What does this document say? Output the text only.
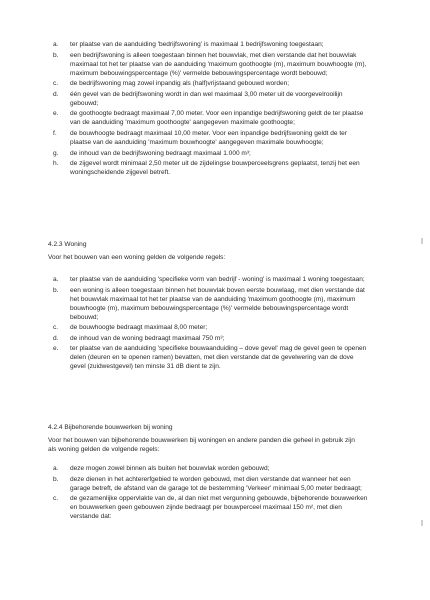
a. ter plaatse van de aanduiding 'bedrijfswoning' is maximaal 1 bedrijfswoning toegestaan;
b. een bedrijfswoning is alleen toegestaan binnen het bouwvlak, met dien verstande dat het bouwvlak maximaal tot het ter plaatse van de aanduiding 'maximum goothoogte (m), maximum bouwhoogte (m), maximum bebouwingspercentage (%)' vermelde bebouwingspercentage wordt bebouwd;
c. de bedrijfswoning mag zowel inpandig als (half)vrijstaand gebouwd worden;
d. één gevel van de bedrijfswoning wordt in dan wel maximaal 3,00 meter uit de voorgevelrooilijn gebouwd;
e. de goothoogte bedraagt maximaal 7,00 meter. Voor een inpandige bedrijfswoning geldt de ter plaatse van de aanduiding 'maximum goothoogte' aangegeven maximale goothoogte;
f. de bouwhoogte bedraagt maximaal 10,00 meter. Voor een inpandige bedrijfswoning geldt de ter plaatse van de aanduiding 'maximum bouwhoogte' aangegeven maximale bouwhoogte;
g. de inhoud van de bedrijfswoning bedraagt maximaal 1.000 m³;
h. de zijgevel wordt minimaal 2,50 meter uit de zijdelingse bouwperceelsgrens geplaatst, tenzij het een woningscheidende zijgevel betreft.
4.2.3 Woning
Voor het bouwen van een woning gelden de volgende regels:
a. ter plaatse van de aanduiding 'specifieke vorm van bedrijf - woning' is maximaal 1 woning toegestaan;
b. een woning is alleen toegestaan binnen het bouwvlak boven eerste bouwlaag, met dien verstande dat het bouwvlak maximaal tot het ter plaatse van de aanduiding 'maximum goothoogte (m), maximum bouwhoogte (m), maximum bebouwingspercentage (%)' vermelde bebouwingspercentage wordt bebouwd;
c. de bouwhoogte bedraagt maximaal 8,00 meter;
d. de inhoud van de woning bedraagt maximaal 750 m³;
e. ter plaatse van de aanduiding 'specifieke bouwaanduiding – dove gevel' mag de gevel geen te openen delen (deuren en te openen ramen) bevatten, met dien verstande dat de gevelwering van de dove gevel (zuidwestgevel) ten minste 31 dB dient te zijn.
4.2.4 Bijbehorende bouwwerken bij woning
Voor het bouwen van bijbehorende bouwwerken bij woningen en andere panden die geheel in gebruik zijn als woning gelden de volgende regels:
a. deze mogen zowel binnen als buiten het bouwvlak worden gebouwd;
b. deze dienen in het achtererfgebied te worden gebouwd, met dien verstande dat wanneer het een garage betreft, de afstand van de garage tot de bestemming 'Verkeer' minimaal 5,00 meter bedraagt;
c. de gezamenlijke oppervlakte van de, al dan niet met vergunning gebouwde, bijbehorende bouwwerken en bouwwerken geen gebouwen zijnde bedraagt per bouwperceel maximaal 150 m², met dien verstande dat:
